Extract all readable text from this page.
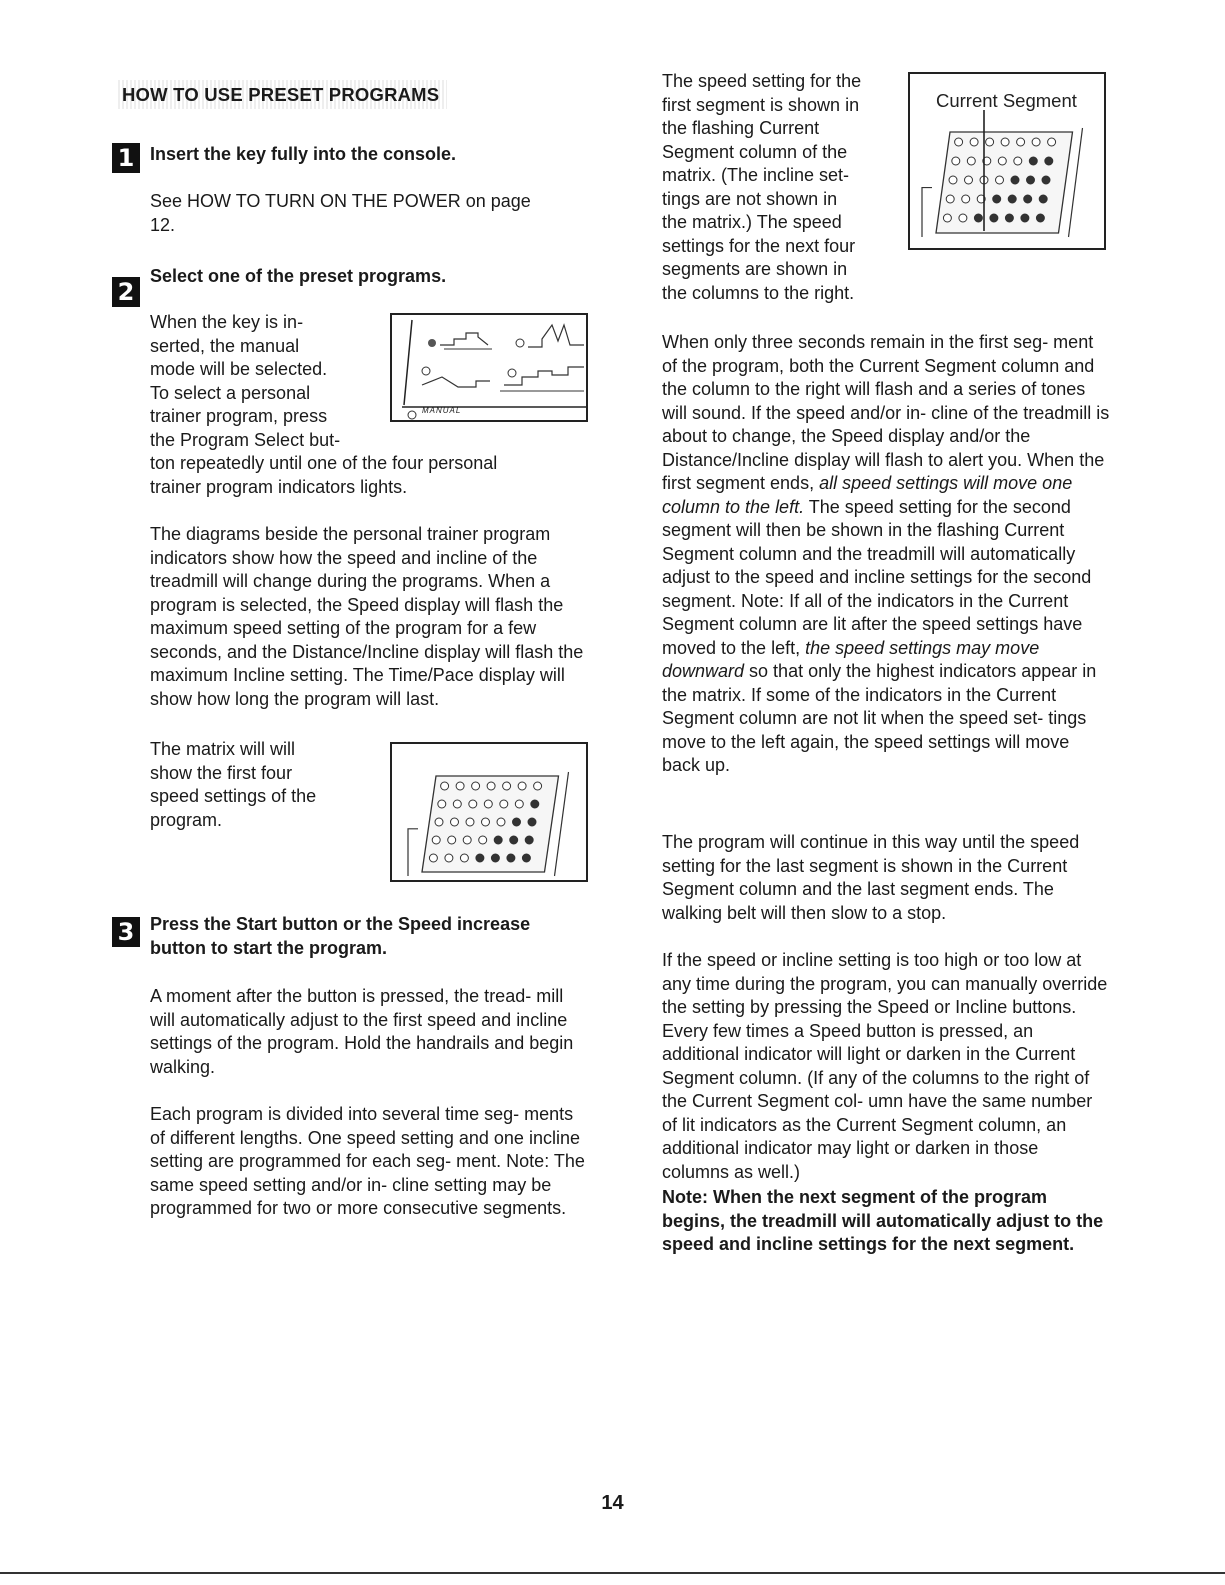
HOW TO USE PRESET PROGRAMS
1 Insert the key fully into the console.

See HOW TO TURN ON THE POWER on page 12.

2
Select one of the preset programs.
When the key is in-
serted, the manual
mode will be selected.
To select a personal
trainer program, press
the Program Select but-

ton repeatedly until one of the four personal trainer program indicators lights.

MANUAL

The diagrams beside the personal trainer program indicators show how the speed and incline of the treadmill will change during the programs. When a program is selected, the Speed display will flash the maximum speed setting of the program for a few seconds, and the Distance/Incline display will flash the maximum Incline setting. The Time/Pace display will show how long the program will last.

The matrix will will
show the first four
speed settings of the
program.
3 Press the Start button or the Speed increase
button to start the program.

A moment after the button is pressed, the tread- mill will automatically adjust to the first speed and incline settings of the program. Hold the handrails and begin walking.

Each program is divided into several time seg- ments of different lengths. One speed setting and one incline setting are programmed for each seg- ment. Note: The same speed setting and/or in- cline setting may be programmed for two or more consecutive segments.

The speed setting for the
first segment is shown in
the flashing Current
Segment column of the
matrix. (The incline set-
tings are not shown in
the matrix.) The speed
settings for the next four
segments are shown in
the columns to the right.
Current Segment

When only three seconds remain in the first seg- ment of the program, both the Current Segment column and the column to the right will flash and a series of tones will sound. If the speed and/or in- cline of the treadmill is about to change, the Speed display and/or the Distance/Incline display will flash to alert you. When the first segment ends, all speed settings will move one column to the left. The speed setting for the second segment will then be shown in the flashing Current Segment column and the treadmill will automatically adjust to the speed and incline settings for the second segment. Note: If all of the indicators in the Current Segment column are lit after the speed settings have moved to the left, the speed settings may move downward so that only the highest indicators appear in the matrix. If some of the indicators in the Current Segment column are not lit when the speed set- tings move to the left again, the speed settings will move back up.

The program will continue in this way until the speed setting for the last segment is shown in the Current Segment column and the last segment ends. The walking belt will then slow to a stop.

If the speed or incline setting is too high or too low at any time during the program, you can manually override the setting by pressing the Speed or Incline buttons. Every few times a Speed button is pressed, an additional indicator will light or darken in the Current Segment column. (If any of the columns to the right of the Current Segment col- umn have the same number of lit indicators as the Current Segment column, an additional indicator may light or darken in those columns as well.)

Note: When the next segment of the program begins, the treadmill will automatically adjust to the speed and incline settings for the next segment.

14
